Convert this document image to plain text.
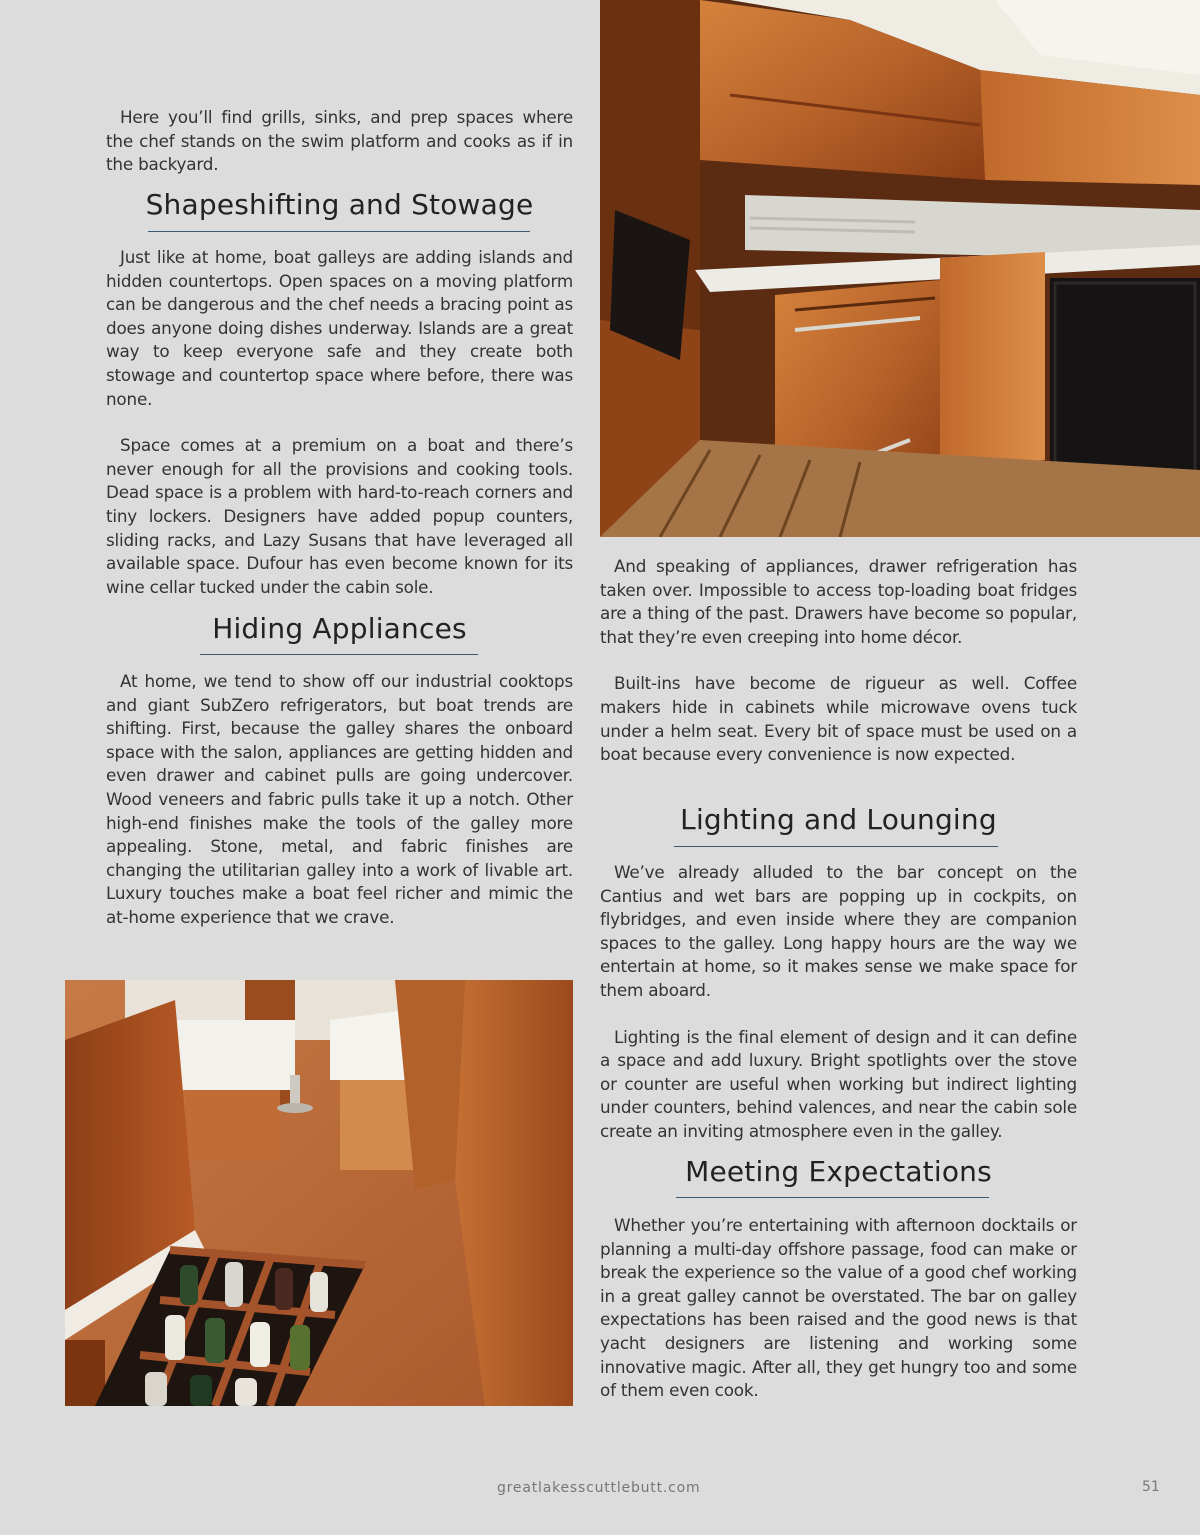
Here you’ll find grills, sinks, and prep spaces where the chef stands on the swim platform and cooks as if in the backyard.

Shapeshifting and Stowage

Just like at home, boat galleys are adding islands and hidden countertops. Open spaces on a moving platform can be dangerous and the chef needs a bracing point as does anyone doing dishes underway. Islands are a great way to keep everyone safe and they create both stowage and countertop space where before, there was none.

Space comes at a premium on a boat and there’s never enough for all the provisions and cooking tools. Dead space is a problem with hard-to-reach corners and tiny lockers. Designers have added popup counters, sliding racks, and Lazy Susans that have leveraged all available space. Dufour has even become known for its wine cellar tucked under the cabin sole.

Hiding Appliances

At home, we tend to show off our industrial cooktops and giant SubZero refrigerators, but boat trends are shifting. First, because the galley shares the onboard space with the salon, appliances are getting hidden and even drawer and cabinet pulls are going undercover. Wood veneers and fabric pulls take it up a notch. Other high-end finishes make the tools of the galley more appealing. Stone, metal, and fabric finishes are changing the utilitarian galley into a work of livable art. Luxury touches make a boat feel richer and mimic the at-home experience that we crave.

And speaking of appliances, drawer refrigeration has taken over. Impossible to access top-loading boat fridges are a thing of the past. Drawers have become so popular, that they’re even creeping into home décor.

Built-ins have become de rigueur as well. Coffee makers hide in cabinets while microwave ovens tuck under a helm seat. Every bit of space must be used on a boat because every convenience is now expected.

Lighting and Lounging

We’ve already alluded to the bar concept on the Cantius and wet bars are popping up in cockpits, on flybridges, and even inside where they are companion spaces to the galley. Long happy hours are the way we entertain at home, so it makes sense we make space for them aboard.

Lighting is the final element of design and it can define a space and add luxury. Bright spotlights over the stove or counter are useful when working but indirect lighting under counters, behind valences, and near the cabin sole create an inviting atmosphere even in the galley.

Meeting Expectations

Whether you’re entertaining with afternoon docktails or planning a multi-day offshore passage, food can make or break the experience so the value of a good chef working in a great galley cannot be overstated. The bar on galley expectations has been raised and the good news is that yacht designers are listening and working some innovative magic. After all, they get hungry too and some of them even cook.

greatlakesscuttlebutt.com	51
